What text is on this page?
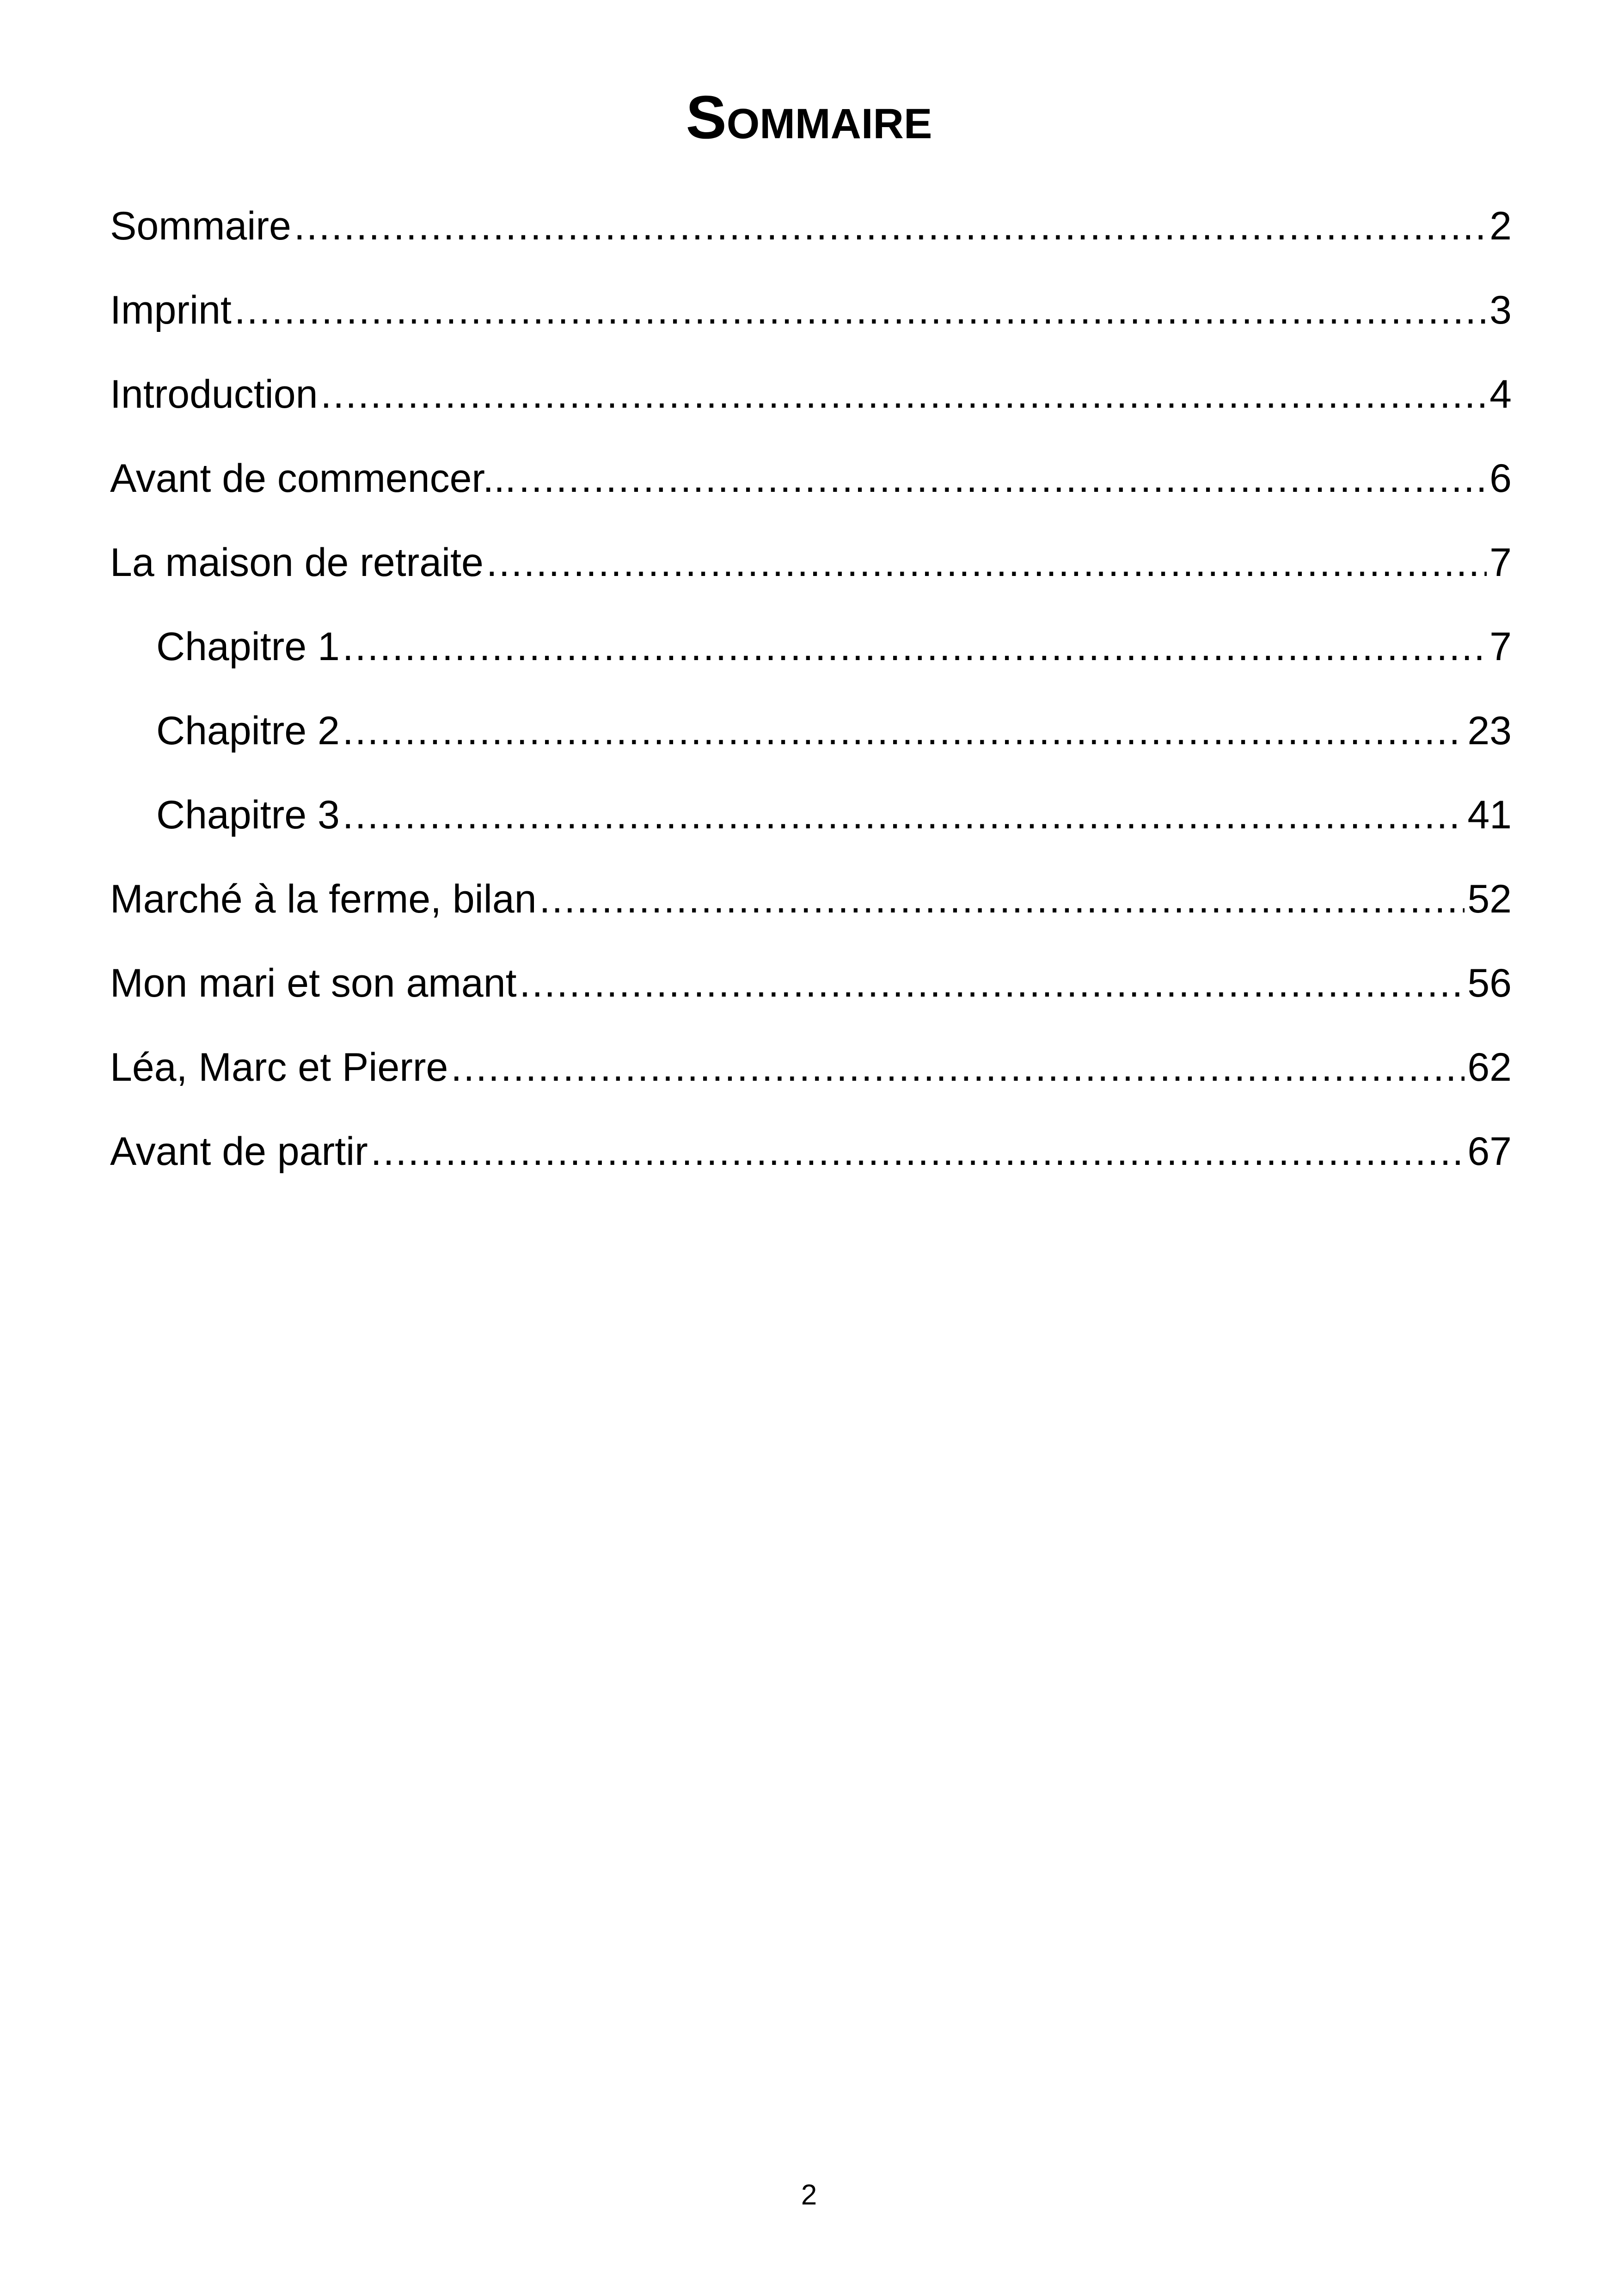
Sommaire
Sommaire .....	2
Imprint .....	3
Introduction .....	4
Avant de commencer... .....	6
La maison de retraite .....	7
Chapitre 1 .....	7
Chapitre 2 .....	23
Chapitre 3 .....	41
Marché à la ferme, bilan .....	52
Mon mari et son amant .....	56
Léa, Marc et Pierre .....	62
Avant de partir .....	67

2
